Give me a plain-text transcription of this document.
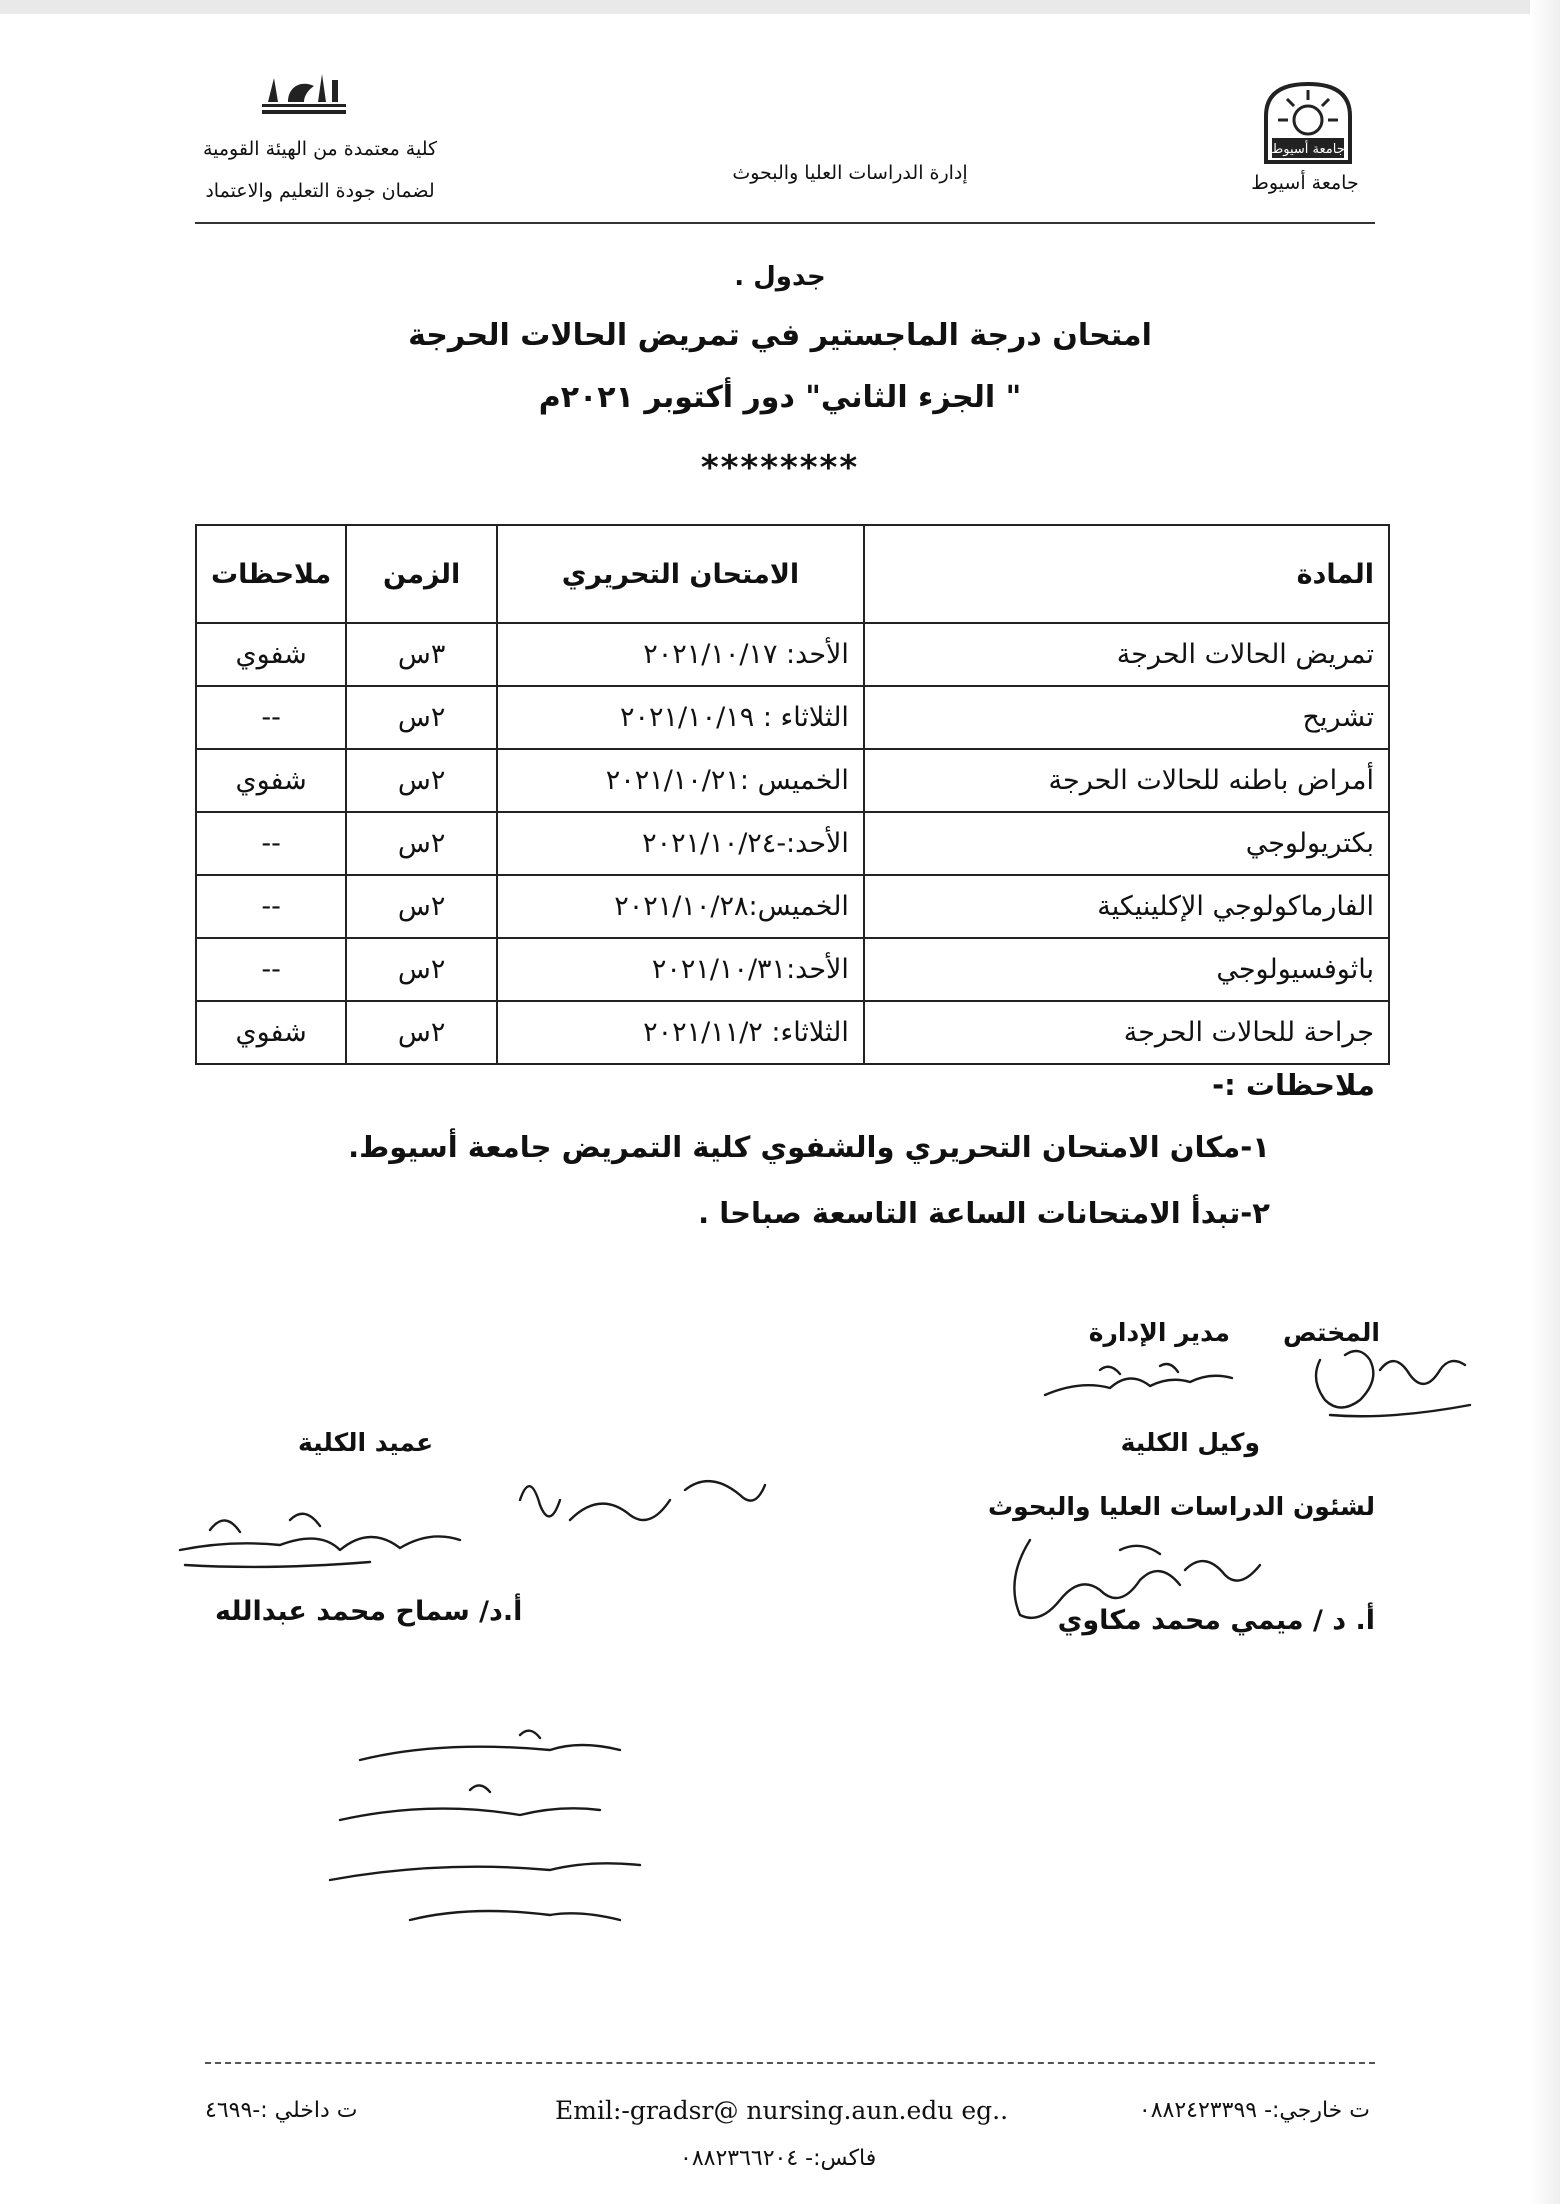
كلية معتمدة من الهيئة القومية
لضمان جودة التعليم والاعتماد
إدارة الدراسات العليا والبحوث
جامعة أسيوط
جامعة أسيوط
جدول .
امتحان درجة الماجستير في تمريض الحالات الحرجة
" الجزء الثاني" دور أكتوبر ٢٠٢١م
********
المادة	الامتحان التحريري	الزمن	ملاحظات
تمريض الحالات الحرجة	الأحد: ٢٠٢١/١٠/١٧	٣س	شفوي
تشريح	الثلاثاء : ٢٠٢١/١٠/١٩	٢س	--
أمراض باطنه للحالات الحرجة	الخميس :٢٠٢١/١٠/٢١	٢س	شفوي
بكتريولوجي	الأحد:-٢٠٢١/١٠/٢٤	٢س	--
الفارماكولوجي الإكلينيكية	الخميس:٢٠٢١/١٠/٢٨	٢س	--
باثوفسيولوجي	الأحد:٢٠٢١/١٠/٣١	٢س	--
جراحة للحالات الحرجة	الثلاثاء: ٢٠٢١/١١/٢	٢س	شفوي
ملاحظات :-
١-مكان الامتحان التحريري والشفوي كلية التمريض جامعة أسيوط.
٢-تبدأ الامتحانات الساعة التاسعة صباحا .
المختص
مدير الإدارة
وكيل الكلية
لشئون الدراسات العليا والبحوث
أ. د / ميمي محمد مكاوي
عميد الكلية
أ.د/ سماح محمد عبدالله
ت داخلي :-٤٦٩٩	Emil:-gradsr@ nursing.aun.edu eg..	ت خارجي:- ٠٨٨٢٤٢٣٣٩٩
فاكس:- ٠٨٨٢٣٦٦٢٠٤
